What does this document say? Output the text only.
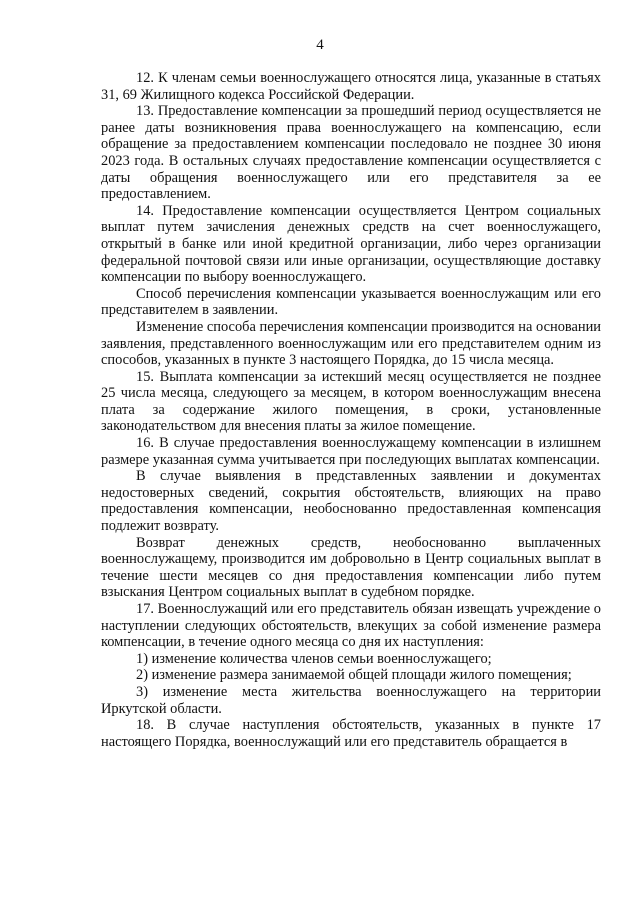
4

12. К членам семьи военнослужащего относятся лица, указанные в статьях 31, 69 Жилищного кодекса Российской Федерации.

13. Предоставление компенсации за прошедший период осуществляется не ранее даты возникновения права военнослужащего на компенсацию, если обращение за предоставлением компенсации последовало не позднее 30 июня 2023 года. В остальных случаях предоставление компенсации осуществляется с даты обращения военнослужащего или его представителя за ее предоставлением.

14. Предоставление компенсации осуществляется Центром социальных выплат путем зачисления денежных средств на счет военнослужащего, открытый в банке или иной кредитной организации, либо через организации федеральной почтовой связи или иные организации, осуществляющие доставку компенсации по выбору военнослужащего.

Способ перечисления компенсации указывается военнослужащим или его представителем в заявлении.

Изменение способа перечисления компенсации производится на основании заявления, представленного военнослужащим или его представителем одним из способов, указанных в пункте 3 настоящего Порядка, до 15 числа месяца.

15. Выплата компенсации за истекший месяц осуществляется не позднее 25 числа месяца, следующего за месяцем, в котором военнослужащим внесена плата за содержание жилого помещения, в сроки, установленные законодательством для внесения платы за жилое помещение.

16. В случае предоставления военнослужащему компенсации в излишнем размере указанная сумма учитывается при последующих выплатах компенсации.

В случае выявления в представленных заявлении и документах недостоверных сведений, сокрытия обстоятельств, влияющих на право предоставления компенсации, необоснованно предоставленная компенсация подлежит возврату.

Возврат денежных средств, необоснованно выплаченных военнослужащему, производится им добровольно в Центр социальных выплат в течение шести месяцев со дня предоставления компенсации либо путем взыскания Центром социальных выплат в судебном порядке.

17. Военнослужащий или его представитель обязан извещать учреждение о наступлении следующих обстоятельств, влекущих за собой изменение размера компенсации, в течение одного месяца со дня их наступления:

1) изменение количества членов семьи военнослужащего;

2) изменение размера занимаемой общей площади жилого помещения;

3) изменение места жительства военнослужащего на территории Иркутской области.

18. В случае наступления обстоятельств, указанных в пункте 17 настоящего Порядка, военнослужащий или его представитель обращается в
